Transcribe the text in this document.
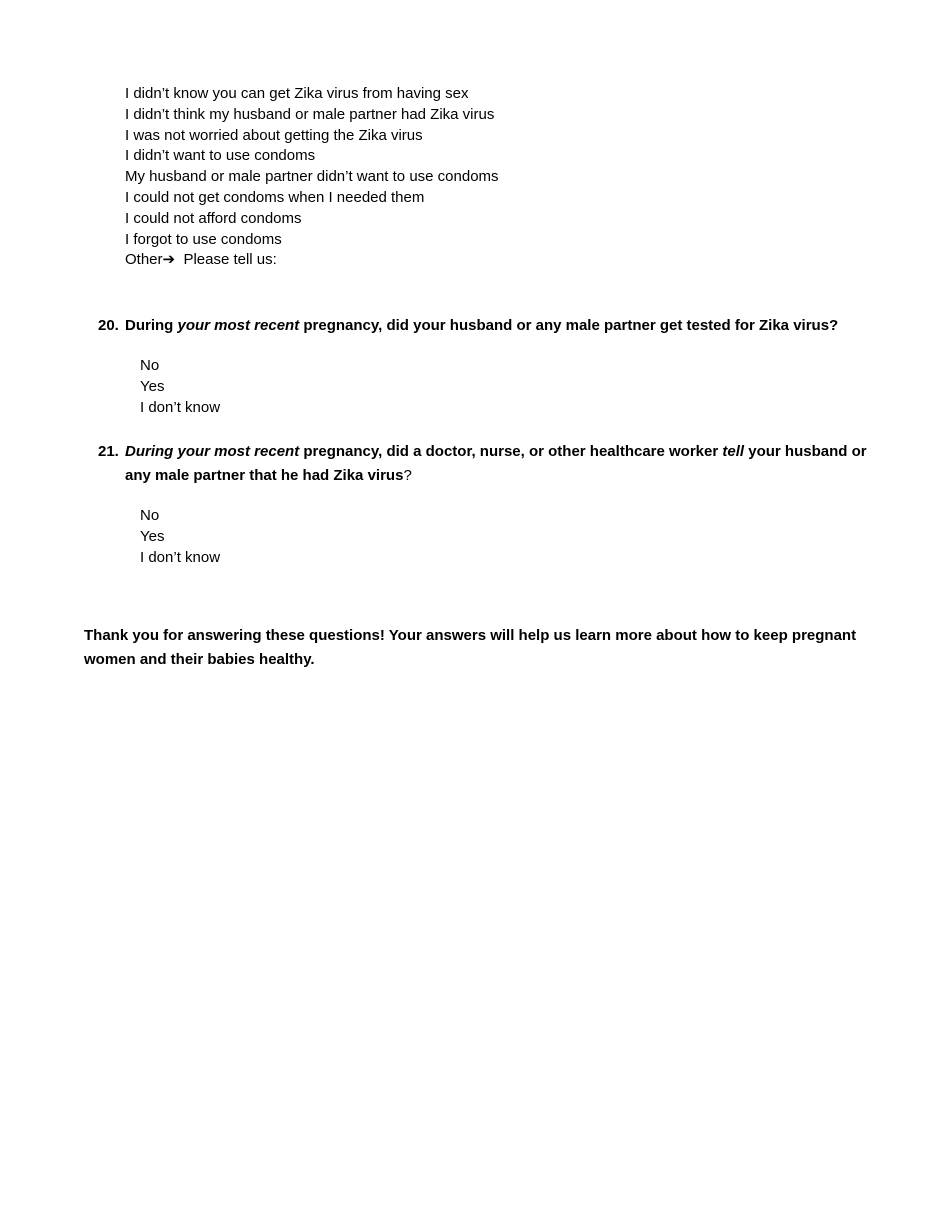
I didn’t know you can get Zika virus from having sex
I didn’t think my husband or male partner had Zika virus
I was not worried about getting the Zika virus
I didn’t want to use condoms
My husband or male partner didn’t want to use condoms
I could not get condoms when I needed them
I could not afford condoms
I forgot to use condoms
Other➔ Please tell us:
20. During your most recent pregnancy, did your husband or any male partner get tested for Zika virus?
No
Yes
I don’t know
21. During your most recent pregnancy, did a doctor, nurse, or other healthcare worker tell your husband or any male partner that he had Zika virus?
No
Yes
I don’t know
Thank you for answering these questions! Your answers will help us learn more about how to keep pregnant women and their babies healthy.
